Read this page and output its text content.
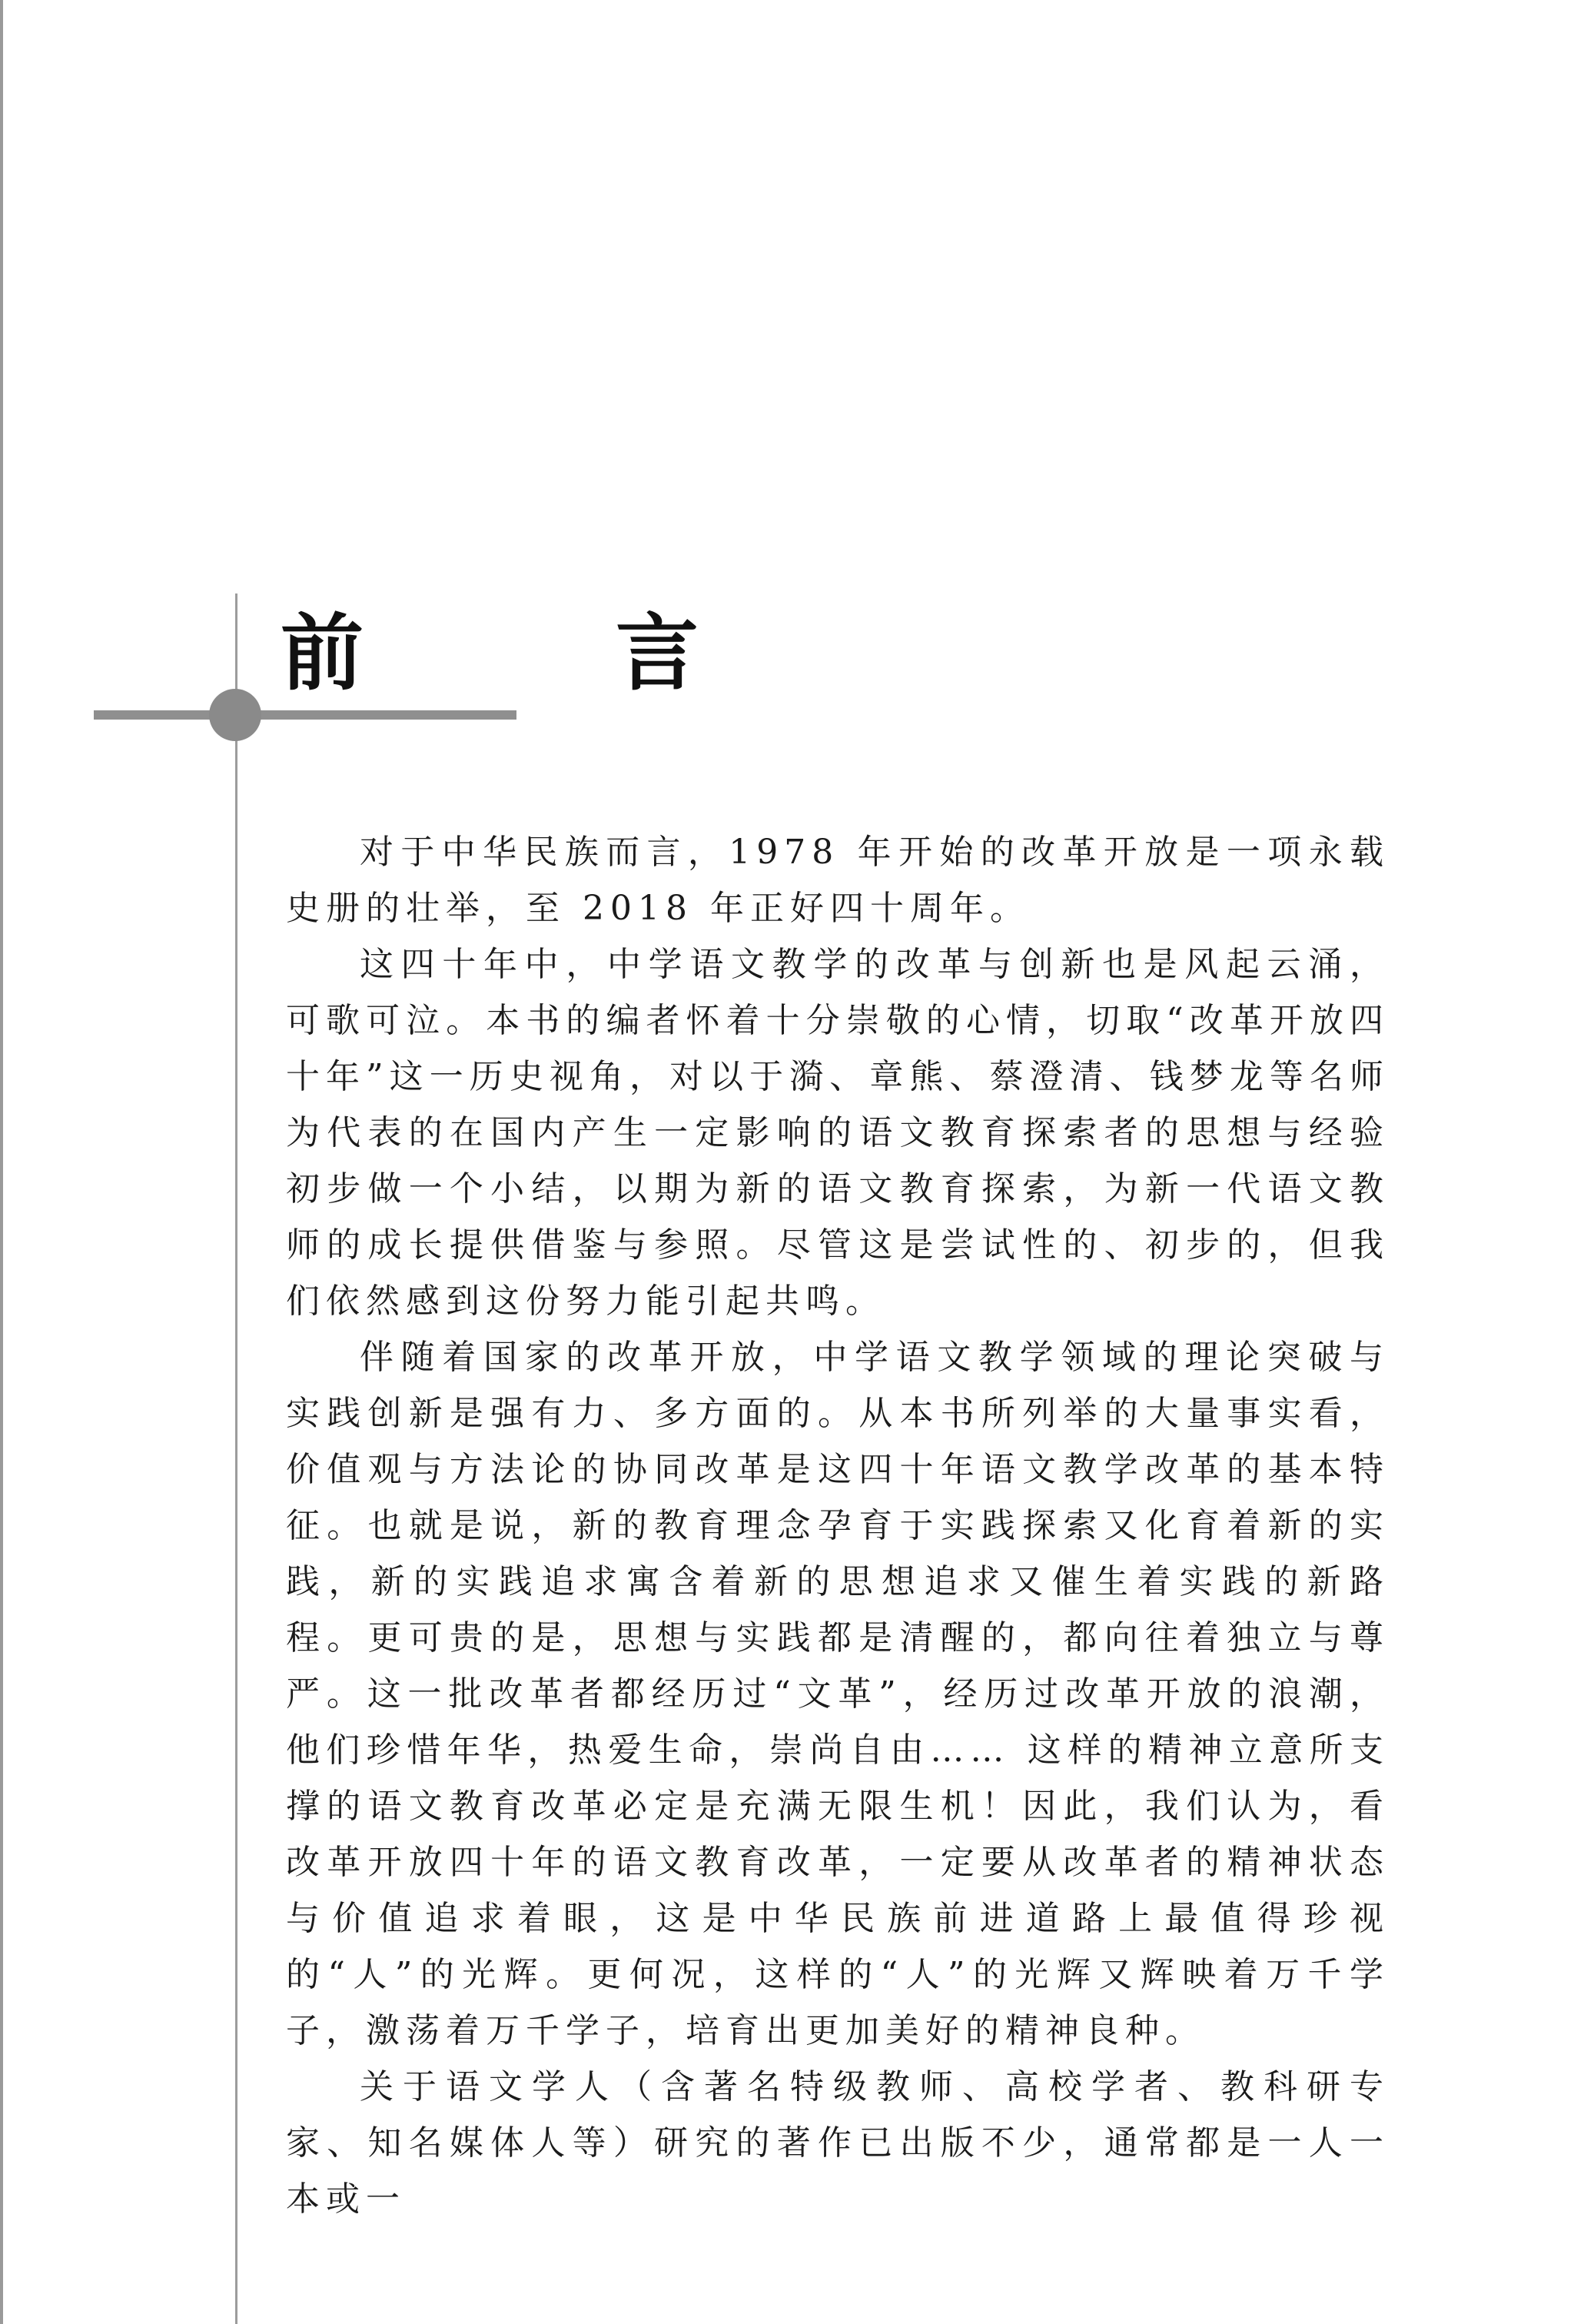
前　言

对于中华民族而言，1978 年开始的改革开放是一项永载史册的壮举，至 2018 年正好四十周年。

这四十年中，中学语文教学的改革与创新也是风起云涌，可歌可泣。本书的编者怀着十分崇敬的心情，切取“改革开放四十年”这一历史视角，对以于漪、章熊、蔡澄清、钱梦龙等名师为代表的在国内产生一定影响的语文教育探索者的思想与经验初步做一个小结，以期为新的语文教育探索，为新一代语文教师的成长提供借鉴与参照。尽管这是尝试性的、初步的，但我们依然感到这份努力能引起共鸣。

伴随着国家的改革开放，中学语文教学领域的理论突破与实践创新是强有力、多方面的。从本书所列举的大量事实看，价值观与方法论的协同改革是这四十年语文教学改革的基本特征。也就是说，新的教育理念孕育于实践探索又化育着新的实践，新的实践追求寓含着新的思想追求又催生着实践的新路程。更可贵的是，思想与实践都是清醒的，都向往着独立与尊严。这一批改革者都经历过“文革”，经历过改革开放的浪潮，他们珍惜年华，热爱生命，崇尚自由…… 这样的精神立意所支撑的语文教育改革必定是充满无限生机！因此，我们认为，看改革开放四十年的语文教育改革，一定要从改革者的精神状态与价值追求着眼，这是中华民族前进道路上最值得珍视的“人”的光辉。更何况，这样的“人”的光辉又辉映着万千学子，激荡着万千学子，培育出更加美好的精神良种。

关于语文学人（含著名特级教师、高校学者、教科研专家、知名媒体人等）研究的著作已出版不少，通常都是一人一本或一
